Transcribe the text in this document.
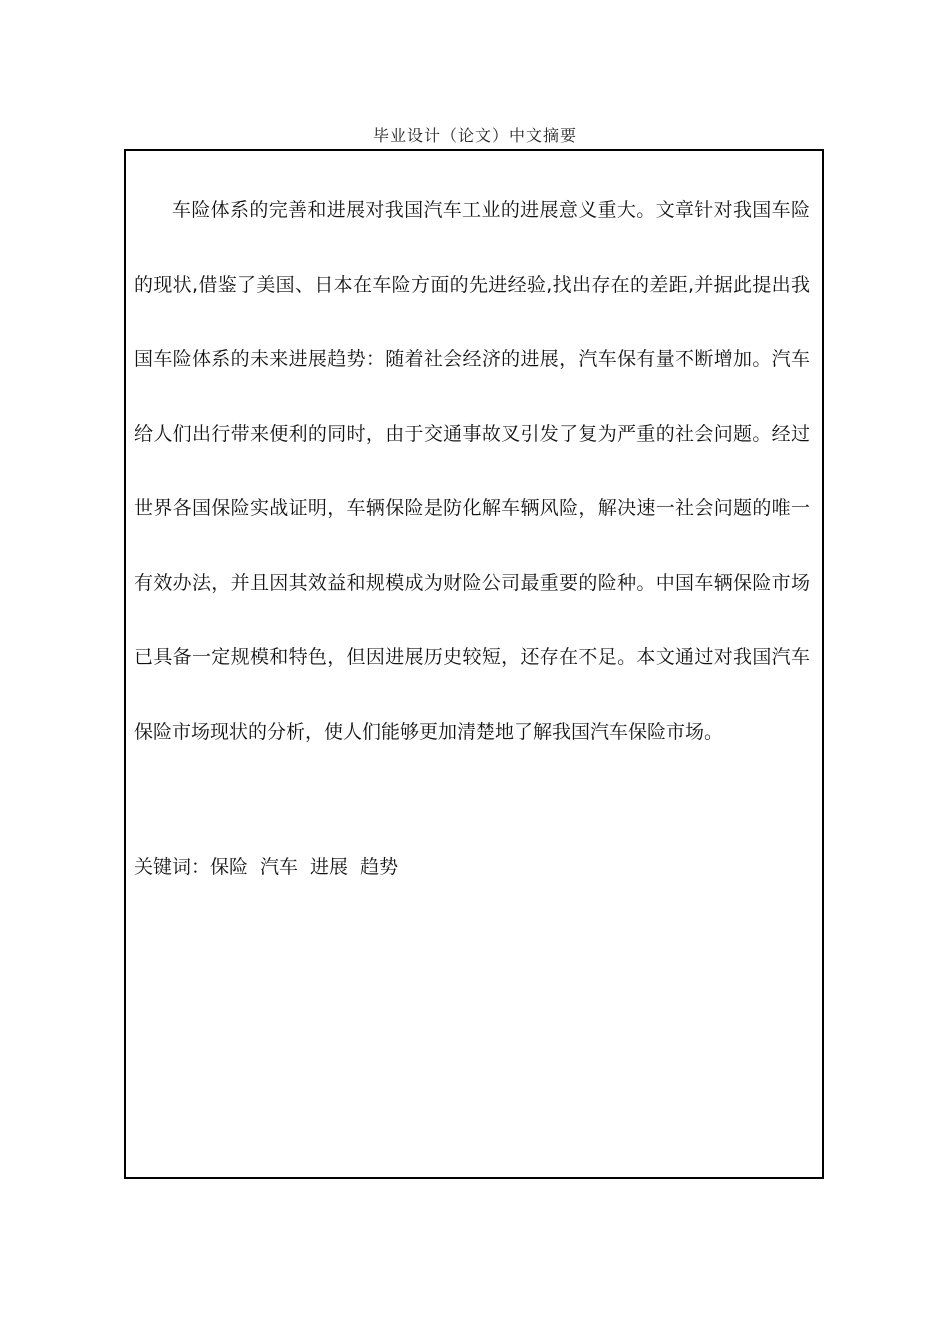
毕业设计（论文）中文摘要

车险体系的完善和进展对我国汽车工业的进展意义重大。文章针对我国车险的现状,借鉴了美国、日本在车险方面的先进经验,找出存在的差距,并据此提出我国车险体系的未来进展趋势：随着社会经济的进展，汽车保有量不断增加。汽车给人们出行带来便利的同时，由于交通事故叉引发了复为严重的社会问题。经过世界各国保险实战证明，车辆保险是防化解车辆风险，解决速一社会问题的唯一有效办法，并且因其效益和规模成为财险公司最重要的险种。中国车辆保险市场已具备一定规模和特色，但因进展历史较短，还存在不足。本文通过对我国汽车保险市场现状的分析，使人们能够更加清楚地了解我国汽车保险市场。

关键词：保险 汽车 进展 趋势
